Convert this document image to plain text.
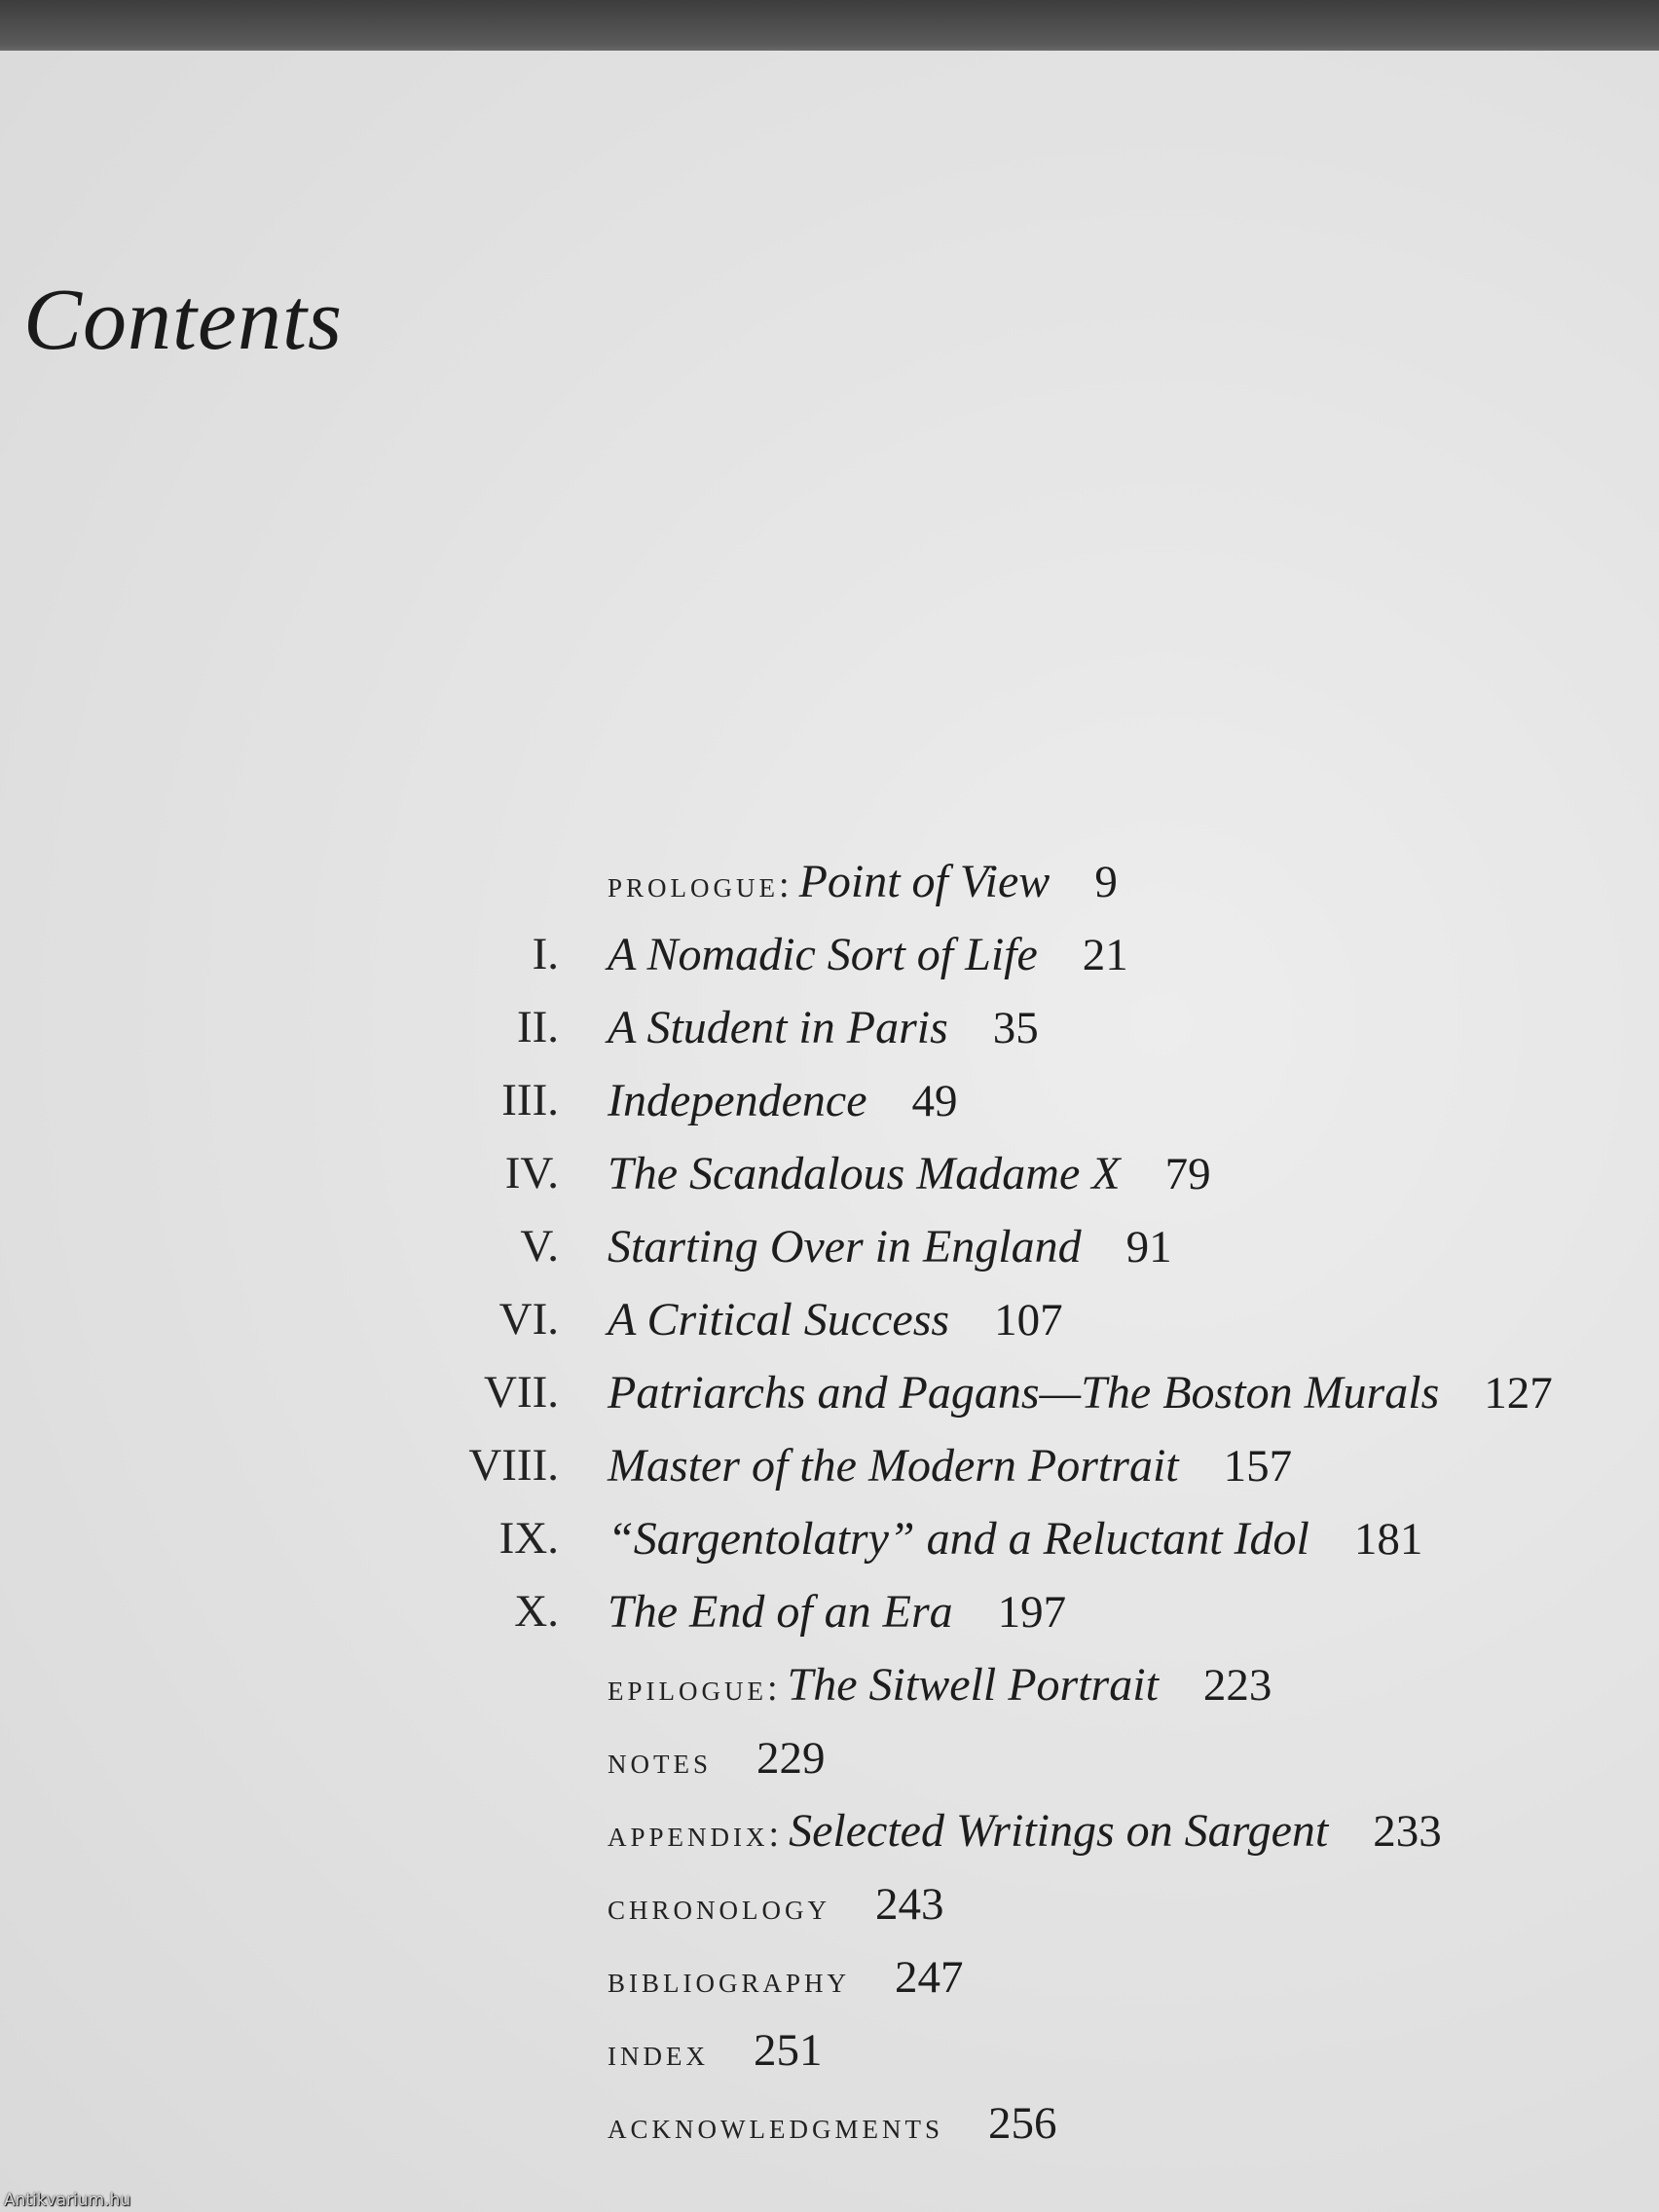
Contents
prologue: Point of View 9
I. A Nomadic Sort of Life 21
II. A Student in Paris 35
III. Independence 49
IV. The Scandalous Madame X 79
V. Starting Over in England 91
VI. A Critical Success 107
VII. Patriarchs and Pagans—The Boston Murals 127
VIII. Master of the Modern Portrait 157
IX. “Sargentolatry” and a Reluctant Idol 181
X. The End of an Era 197
epilogue: The Sitwell Portrait 223
notes 229
appendix: Selected Writings on Sargent 233
chronology 243
bibliography 247
index 251
acknowledgments 256
Antikvarium.hu
